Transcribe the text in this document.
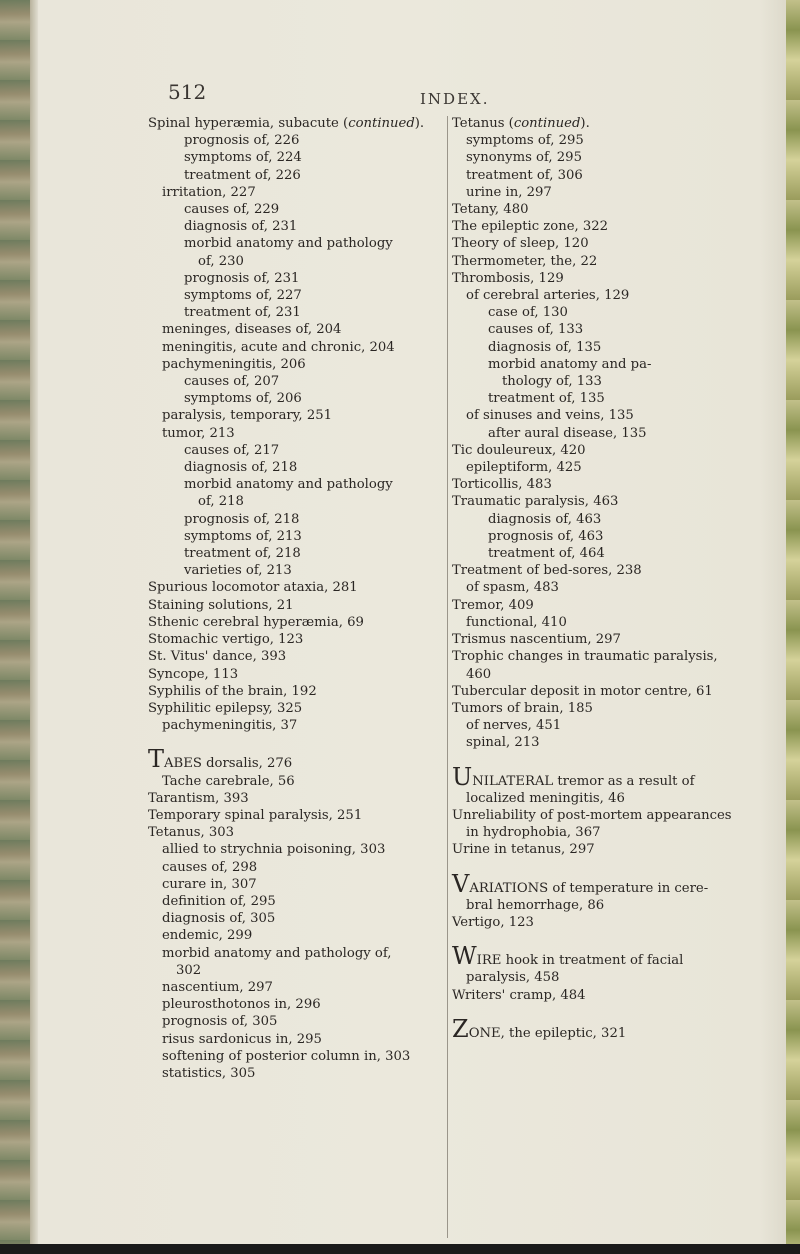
512	INDEX.
Spinal hyperæmia, subacute (continued).
prognosis of, 226
symptoms of, 224
treatment of, 226
irritation, 227
causes of, 229
diagnosis of, 231
morbid anatomy and pathology
of, 230
prognosis of, 231
symptoms of, 227
treatment of, 231
meninges, diseases of, 204
meningitis, acute and chronic, 204
pachymeningitis, 206
causes of, 207
symptoms of, 206
paralysis, temporary, 251
tumor, 213
causes of, 217
diagnosis of, 218
morbid anatomy and pathology
of, 218
prognosis of, 218
symptoms of, 213
treatment of, 218
varieties of, 213
Spurious locomotor ataxia, 281
Staining solutions, 21
Sthenic cerebral hyperæmia, 69
Stomachic vertigo, 123
St. Vitus' dance, 393
Syncope, 113
Syphilis of the brain, 192
Syphilitic epilepsy, 325
pachymeningitis, 37
TABES dorsalis, 276
Tache carebrale, 56
Tarantism, 393
Temporary spinal paralysis, 251
Tetanus, 303
allied to strychnia poisoning, 303
causes of, 298
curare in, 307
definition of, 295
diagnosis of, 305
endemic, 299
morbid anatomy and pathology of,
302
nascentium, 297
pleurosthotonos in, 296
prognosis of, 305
risus sardonicus in, 295
softening of posterior column in, 303
statistics, 305
Tetanus (continued).
symptoms of, 295
synonyms of, 295
treatment of, 306
urine in, 297
Tetany, 480
The epileptic zone, 322
Theory of sleep, 120
Thermometer, the, 22
Thrombosis, 129
of cerebral arteries, 129
case of, 130
causes of, 133
diagnosis of, 135
morbid anatomy and pa-
thology of, 133
treatment of, 135
of sinuses and veins, 135
after aural disease, 135
Tic douleureux, 420
epileptiform, 425
Torticollis, 483
Traumatic paralysis, 463
diagnosis of, 463
prognosis of, 463
treatment of, 464
Treatment of bed-sores, 238
of spasm, 483
Tremor, 409
functional, 410
Trismus nascentium, 297
Trophic changes in traumatic paralysis,
460
Tubercular deposit in motor centre, 61
Tumors of brain, 185
of nerves, 451
spinal, 213
UNILATERAL tremor as a result of
localized meningitis, 46
Unreliability of post-mortem appearances
in hydrophobia, 367
Urine in tetanus, 297
VARIATIONS of temperature in cere-
bral hemorrhage, 86
Vertigo, 123
WIRE hook in treatment of facial
paralysis, 458
Writers' cramp, 484
ZONE, the epileptic, 321
